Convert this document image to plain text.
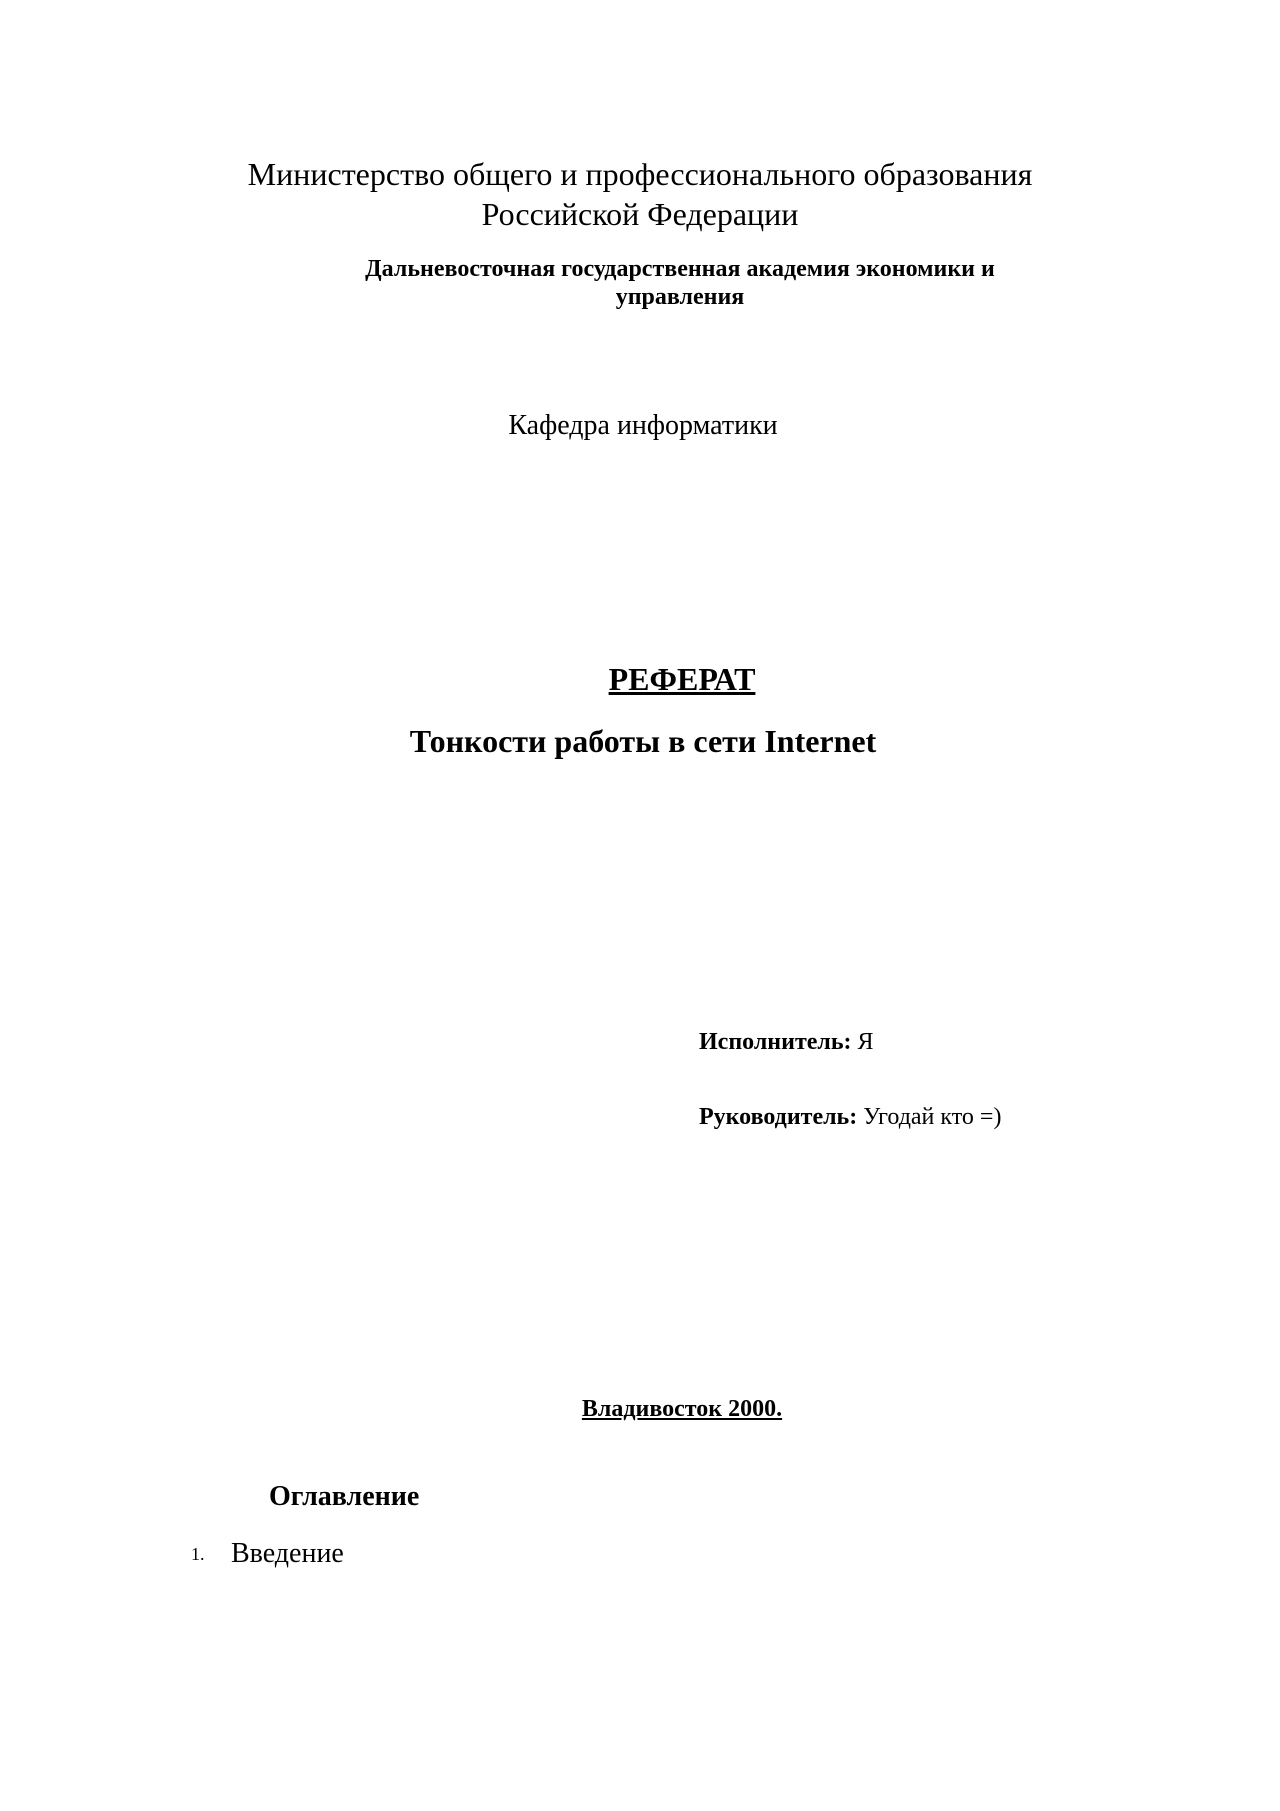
Министерство общего и профессионального образования
Российской Федерации
Дальневосточная государственная академия экономики и
управления
Кафедра информатики
РЕФЕРАТ
Тонкости работы в сети Internet
Исполнитель: Я
Руководитель: Угодай кто =)
Владивосток 2000.
Оглавление
1. Введение
